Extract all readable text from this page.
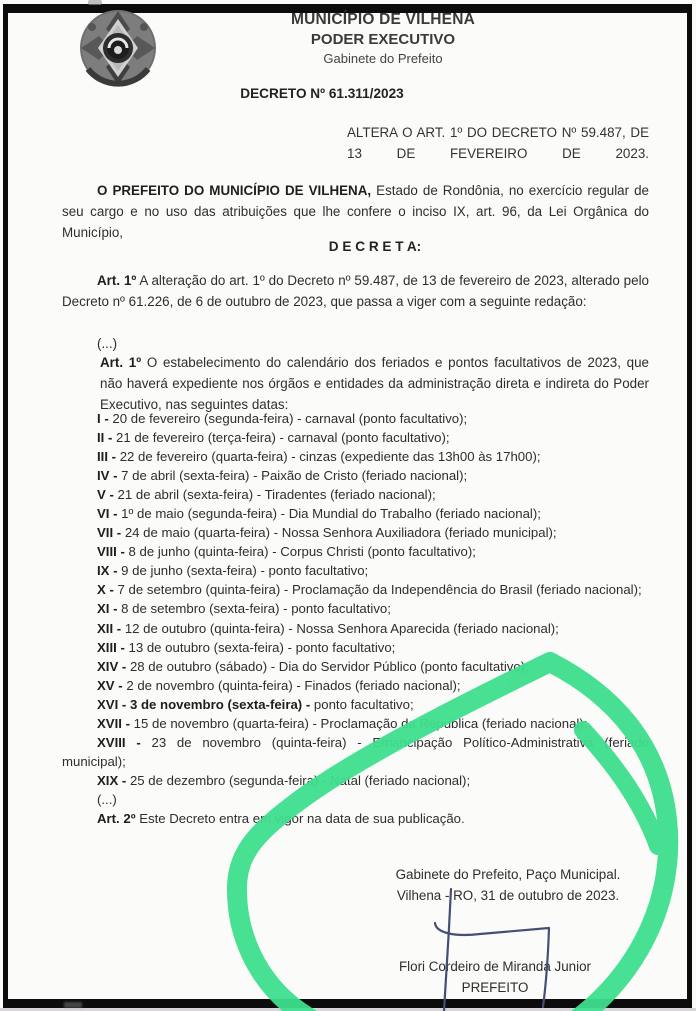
MUNICÍPIO DE VILHENA
PODER EXECUTIVO
Gabinete do Prefeito
DECRETO Nº 61.311/2023
ALTERA O ART. 1º DO DECRETO Nº 59.487, DE 13 DE FEVEREIRO DE 2023.

O PREFEITO DO MUNICÍPIO DE VILHENA, Estado de Rondônia, no exercício regular de seu cargo e no uso das atribuições que lhe confere o inciso IX, art. 96, da Lei Orgânica do Município,

D E C R E T A:

Art. 1º A alteração do art. 1º do Decreto nº 59.487, de 13 de fevereiro de 2023, alterado pelo Decreto nº 61.226, de 6 de outubro de 2023, que passa a viger com a seguinte redação:

(...)

Art. 1º O estabelecimento do calendário dos feriados e pontos facultativos de 2023, que não haverá expediente nos órgãos e entidades da administração direta e indireta do Poder Executivo, nas seguintes datas:

I - 20 de fevereiro (segunda-feira) - carnaval (ponto facultativo);

II - 21 de fevereiro (terça-feira) - carnaval (ponto facultativo);

III - 22 de fevereiro (quarta-feira) - cinzas (expediente das 13h00 às 17h00);

IV - 7 de abril (sexta-feira) - Paixão de Cristo (feriado nacional);

V - 21 de abril (sexta-feira) - Tiradentes (feriado nacional);

VI - 1º de maio (segunda-feira) - Dia Mundial do Trabalho (feriado nacional);

VII - 24 de maio (quarta-feira) - Nossa Senhora Auxiliadora (feriado municipal);

VIII - 8 de junho (quinta-feira) - Corpus Christi (ponto facultativo);

IX - 9 de junho (sexta-feira) - ponto facultativo;

X - 7 de setembro (quinta-feira) - Proclamação da Independência do Brasil (feriado nacional);

XI - 8 de setembro (sexta-feira) - ponto facultativo;

XII - 12 de outubro (quinta-feira) - Nossa Senhora Aparecida (feriado nacional);

XIII - 13 de outubro (sexta-feira) - ponto facultativo;

XIV - 28 de outubro (sábado) - Dia do Servidor Público (ponto facultativo);

XV - 2 de novembro (quinta-feira) - Finados (feriado nacional);

XVI - 3 de novembro (sexta-feira) - ponto facultativo;

XVII - 15 de novembro (quarta-feira) - Proclamação da República (feriado nacional);

XVIII - 23 de novembro (quinta-feira) - Emancipação Político-Administrativa (feriado municipal);

XIX - 25 de dezembro (segunda-feira) - Natal (feriado nacional);

(...)

Art. 2º Este Decreto entra em vigor na data de sua publicação.

Gabinete do Prefeito, Paço Municipal.
Vilhena - RO, 31 de outubro de 2023.
Flori Cordeiro de Miranda Junior
PREFEITO
